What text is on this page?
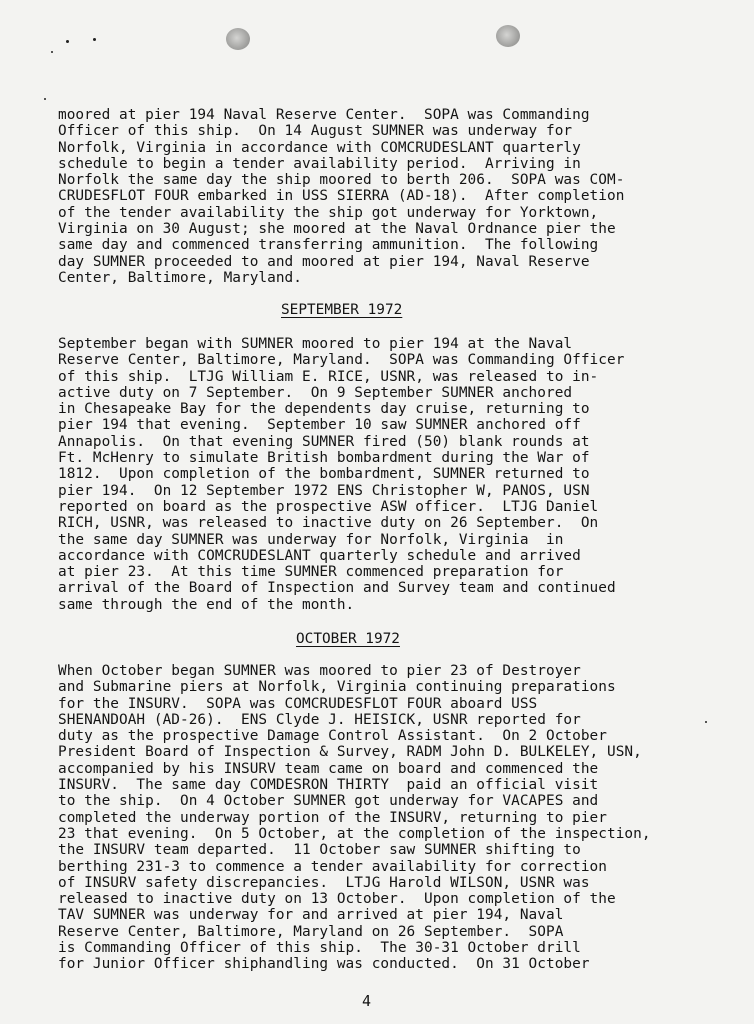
moored at pier 194 Naval Reserve Center.  SOPA was Commanding
Officer of this ship.  On 14 August SUMNER was underway for
Norfolk, Virginia in accordance with COMCRUDESLANT quarterly
schedule to begin a tender availability period.  Arriving in
Norfolk the same day the ship moored to berth 206.  SOPA was COM-
CRUDESFLOT FOUR embarked in USS SIERRA (AD-18).  After completion
of the tender availability the ship got underway for Yorktown,
Virginia on 30 August; she moored at the Naval Ordnance pier the
same day and commenced transferring ammunition.  The following
day SUMNER proceeded to and moored at pier 194, Naval Reserve
Center, Baltimore, Maryland.
SEPTEMBER 1972
September began with SUMNER moored to pier 194 at the Naval
Reserve Center, Baltimore, Maryland.  SOPA was Commanding Officer
of this ship.  LTJG William E. RICE, USNR, was released to in-
active duty on 7 September.  On 9 September SUMNER anchored
in Chesapeake Bay for the dependents day cruise, returning to
pier 194 that evening.  September 10 saw SUMNER anchored off
Annapolis.  On that evening SUMNER fired (50) blank rounds at
Ft. McHenry to simulate British bombardment during the War of
1812.  Upon completion of the bombardment, SUMNER returned to
pier 194.  On 12 September 1972 ENS Christopher W, PANOS, USN
reported on board as the prospective ASW officer.  LTJG Daniel
RICH, USNR, was released to inactive duty on 26 September.  On
the same day SUMNER was underway for Norfolk, Virginia  in
accordance with COMCRUDESLANT quarterly schedule and arrived
at pier 23.  At this time SUMNER commenced preparation for
arrival of the Board of Inspection and Survey team and continued
same through the end of the month.
OCTOBER 1972
When October began SUMNER was moored to pier 23 of Destroyer
and Submarine piers at Norfolk, Virginia continuing preparations
for the INSURV.  SOPA was COMCRUDESFLOT FOUR aboard USS
SHENANDOAH (AD-26).  ENS Clyde J. HEISICK, USNR reported for
duty as the prospective Damage Control Assistant.  On 2 October
President Board of Inspection & Survey, RADM John D. BULKELEY, USN,
accompanied by his INSURV team came on board and commenced the
INSURV.  The same day COMDESRON THIRTY  paid an official visit
to the ship.  On 4 October SUMNER got underway for VACAPES and
completed the underway portion of the INSURV, returning to pier
23 that evening.  On 5 October, at the completion of the inspection,
the INSURV team departed.  11 October saw SUMNER shifting to
berthing 231-3 to commence a tender availability for correction
of INSURV safety discrepancies.  LTJG Harold WILSON, USNR was
released to inactive duty on 13 October.  Upon completion of the
TAV SUMNER was underway for and arrived at pier 194, Naval
Reserve Center, Baltimore, Maryland on 26 September.  SOPA
is Commanding Officer of this ship.  The 30-31 October drill
for Junior Officer shiphandling was conducted.  On 31 October
4
